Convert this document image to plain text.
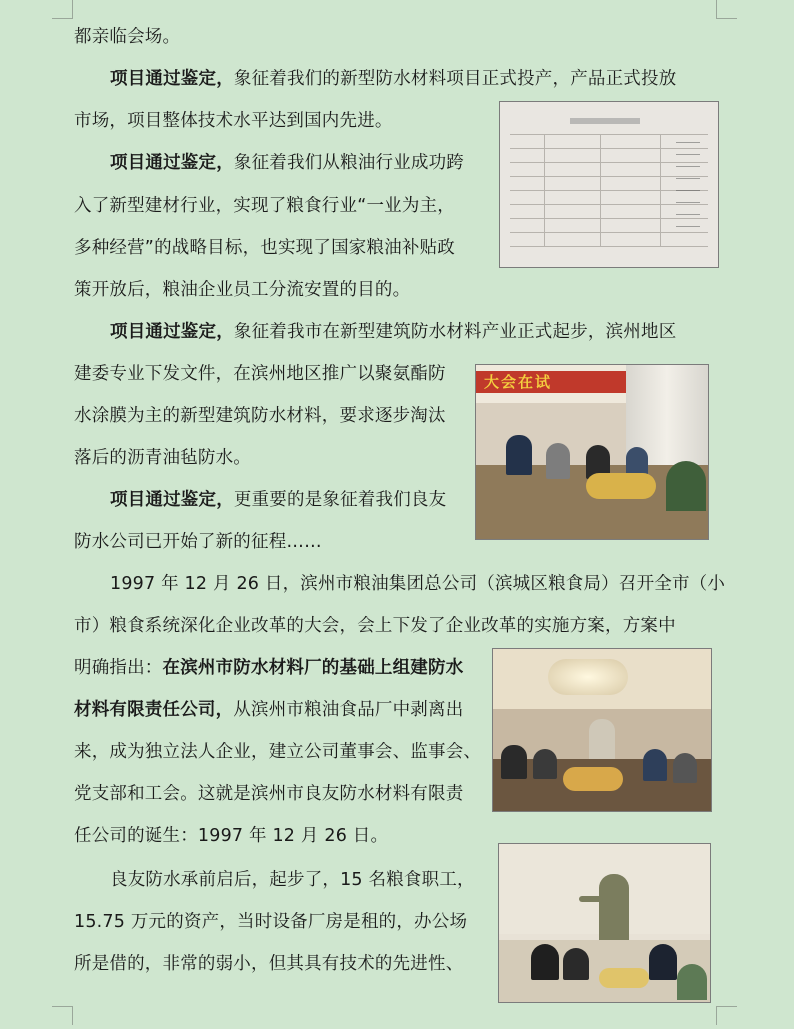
都亲临会场。
项目通过鉴定，象征着我们的新型防水材料项目正式投产，产品正式投放
市场，项目整体技术水平达到国内先进。
项目通过鉴定，象征着我们从粮油行业成功跨
入了新型建材行业，实现了粮食行业“一业为主，
多种经营”的战略目标，也实现了国家粮油补贴政
策开放后，粮油企业员工分流安置的目的。
项目通过鉴定，象征着我市在新型建筑防水材料产业正式起步，滨州地区
建委专业下发文件，在滨州地区推广以聚氨酯防
水涂膜为主的新型建筑防水材料，要求逐步淘汰
落后的沥青油毡防水。
项目通过鉴定，更重要的是象征着我们良友
防水公司已开始了新的征程……
1997 年 12 月 26 日，滨州市粮油集团总公司（滨城区粮食局）召开全市（小
市）粮食系统深化企业改革的大会，会上下发了企业改革的实施方案，方案中
明确指出：在滨州市防水材料厂的基础上组建防水
材料有限责任公司，从滨州市粮油食品厂中剥离出
来，成为独立法人企业，建立公司董事会、监事会、
党支部和工会。这就是滨州市良友防水材料有限责
任公司的诞生：1997 年 12 月 26 日。
良友防水承前启后，起步了，15 名粮食职工，
15.75 万元的资产，当时设备厂房是租的，办公场
所是借的，非常的弱小，但其具有技术的先进性、
大会在试
